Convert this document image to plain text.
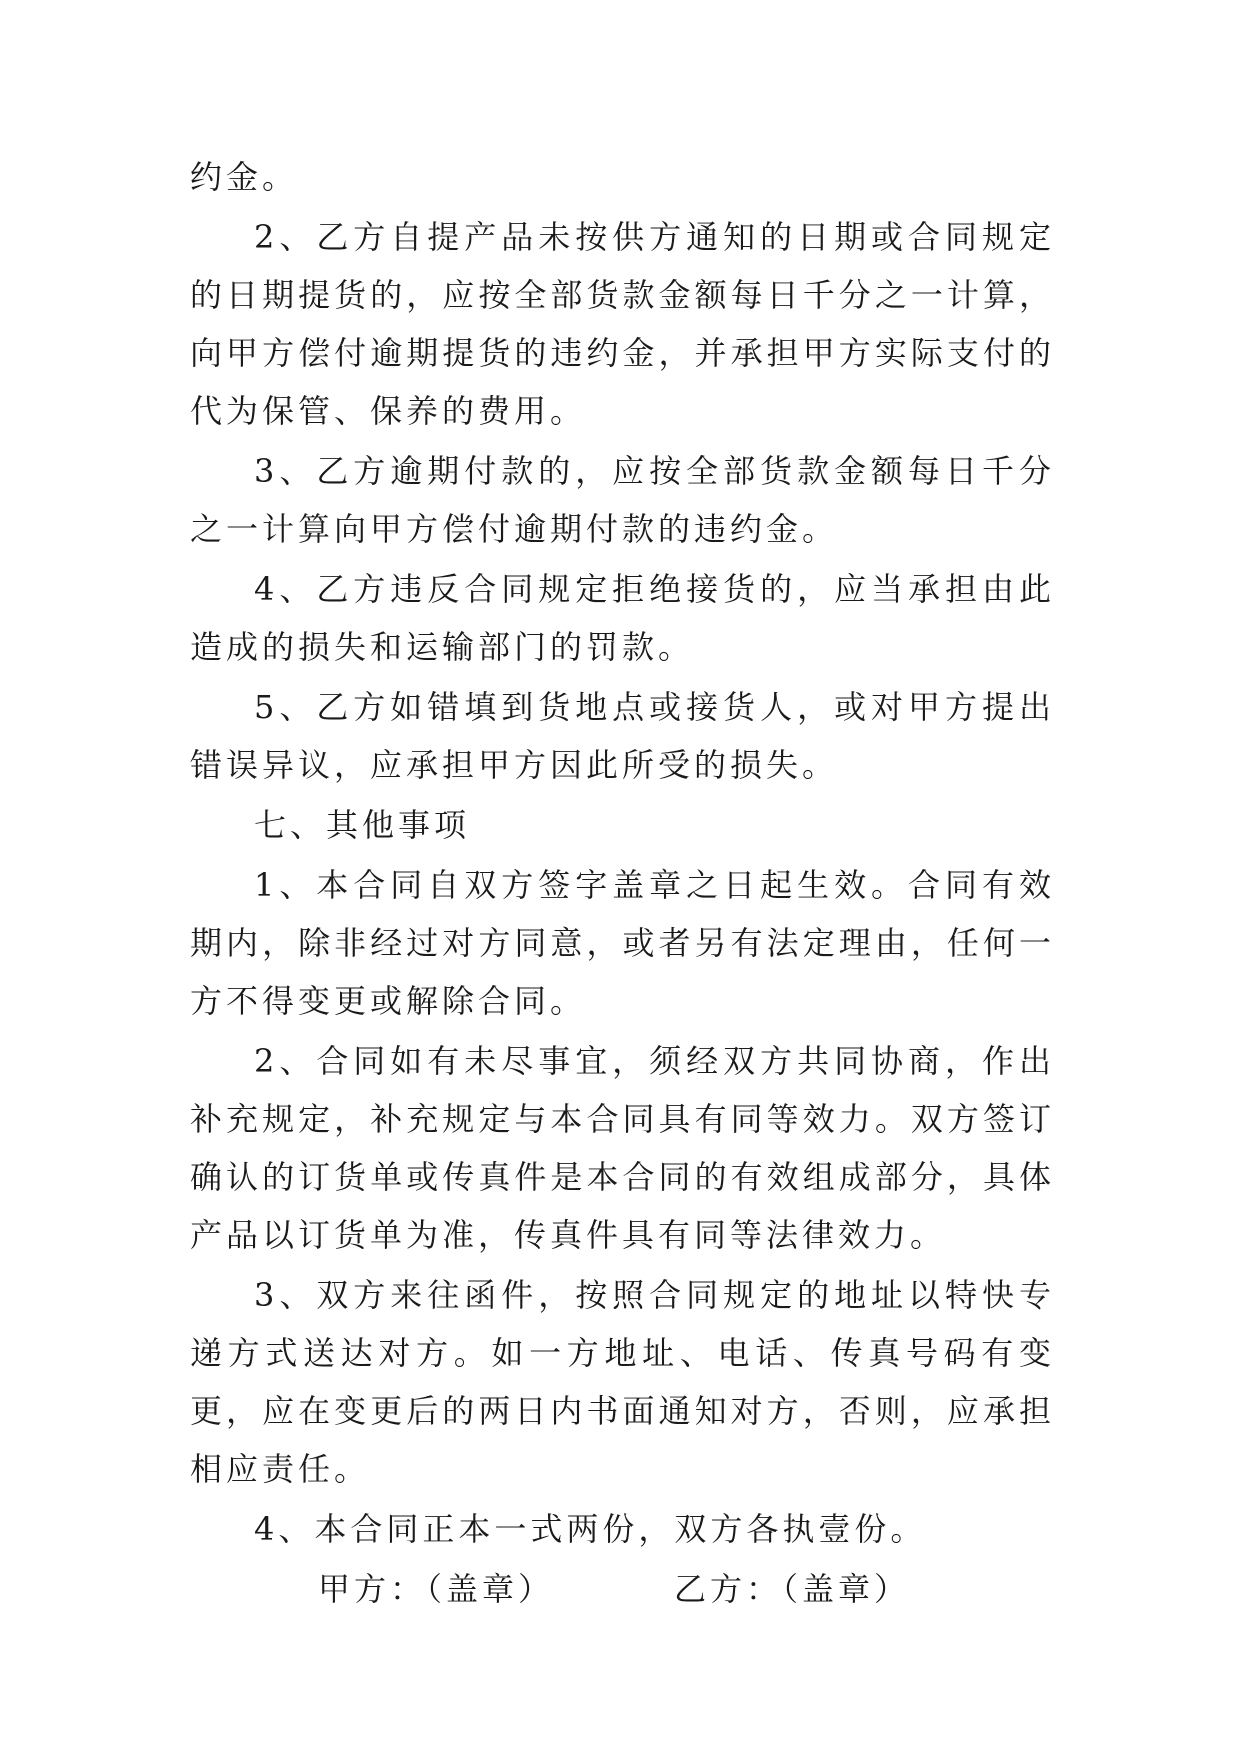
约金。

2、乙方自提产品未按供方通知的日期或合同规定的日期提货的，应按全部货款金额每日千分之一计算，向甲方偿付逾期提货的违约金，并承担甲方实际支付的代为保管、保养的费用。

3、乙方逾期付款的，应按全部货款金额每日千分之一计算向甲方偿付逾期付款的违约金。

4、乙方违反合同规定拒绝接货的，应当承担由此造成的损失和运输部门的罚款。

5、乙方如错填到货地点或接货人，或对甲方提出错误异议，应承担甲方因此所受的损失。

七、其他事项

1、本合同自双方签字盖章之日起生效。合同有效期内，除非经过对方同意，或者另有法定理由，任何一方不得变更或解除合同。

2、合同如有未尽事宜，须经双方共同协商，作出补充规定，补充规定与本合同具有同等效力。双方签订确认的订货单或传真件是本合同的有效组成部分，具体产品以订货单为准，传真件具有同等法律效力。

3、双方来往函件，按照合同规定的地址以特快专递方式送达对方。如一方地址、电话、传真号码有变更，应在变更后的两日内书面通知对方，否则，应承担相应责任。

4、本合同正本一式两份，双方各执壹份。

甲方：（盖章）	乙方：（盖章）
